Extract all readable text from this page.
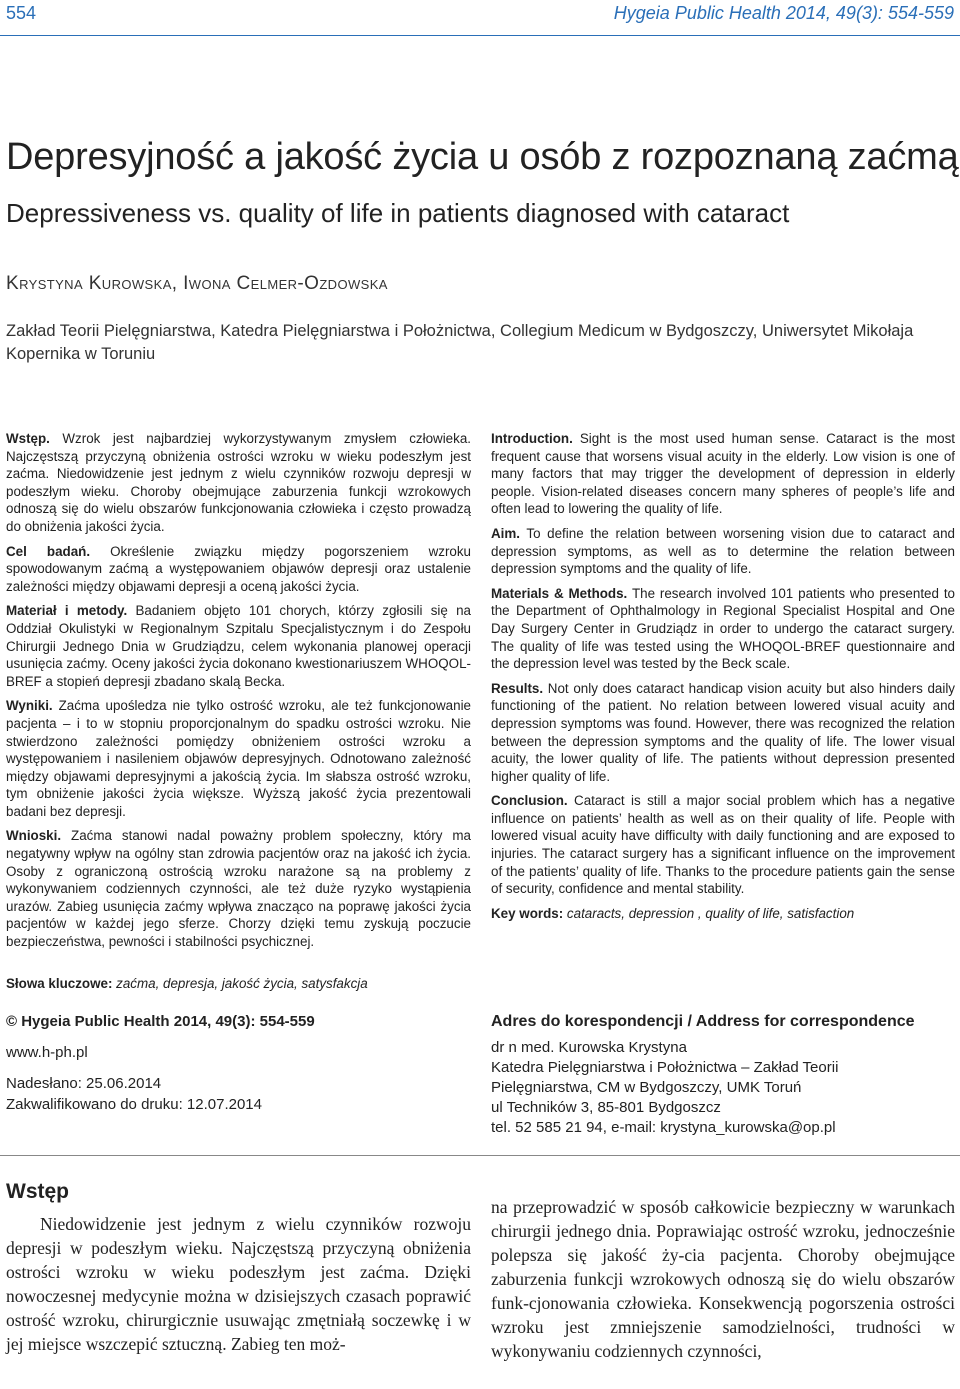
554	Hygeia Public Health 2014, 49(3): 554-559
Depresyjność a jakość życia u osób z rozpoznaną zaćmą
Depressiveness vs. quality of life in patients diagnosed with cataract
Krystyna Kurowska, Iwona Celmer-Ozdowska
Zakład Teorii Pielęgniarstwa, Katedra Pielęgniarstwa i Położnictwa, Collegium Medicum w Bydgoszczy, Uniwersytet Mikołaja Kopernika w Toruniu

Wstęp. Wzrok jest najbardziej wykorzystywanym zmysłem człowieka. Najczęstszą przyczyną obniżenia ostrości wzroku w wieku podeszłym jest zaćma. Niedowidzenie jest jednym z wielu czynników rozwoju depresji w podeszłym wieku. Choroby obejmujące zaburzenia funkcji wzrokowych odnoszą się do wielu obszarów funkcjonowania człowieka i często prowadzą do obniżenia jakości życia.

Cel badań. Określenie związku między pogorszeniem wzroku spowodowanym zaćmą a występowaniem objawów depresji oraz ustalenie zależności między objawami depresji a oceną jakości życia.

Materiał i metody. Badaniem objęto 101 chorych, którzy zgłosili się na Oddział Okulistyki w Regionalnym Szpitalu Specjalistycznym i do Zespołu Chirurgii Jednego Dnia w Grudziądzu, celem wykonania planowej operacji usunięcia zaćmy. Oceny jakości życia dokonano kwestionariuszem WHOQOL-BREF a stopień depresji zbadano skalą Becka.

Wyniki. Zaćma upośledza nie tylko ostrość wzroku, ale też funkcjonowanie pacjenta – i to w stopniu proporcjonalnym do spadku ostrości wzroku. Nie stwierdzono zależności pomiędzy obniżeniem ostrości wzroku a występowaniem i nasileniem objawów depresyjnych. Odnotowano zależność między objawami depresyjnymi a jakością życia. Im słabsza ostrość wzroku, tym obniżenie jakości życia większe. Wyższą jakość życia prezentowali badani bez depresji.

Wnioski. Zaćma stanowi nadal poważny problem społeczny, który ma negatywny wpływ na ogólny stan zdrowia pacjentów oraz na jakość ich życia. Osoby z ograniczoną ostrością wzroku narażone są na problemy z wykonywaniem codziennych czynności, ale też duże ryzyko wystąpienia urazów. Zabieg usunięcia zaćmy wpływa znacząco na poprawę jakości życia pacjentów w każdej jego sferze. Chorzy dzięki temu zyskują poczucie bezpieczeństwa, pewności i stabilności psychicznej.

Słowa kluczowe: zaćma, depresja, jakość życia, satysfakcja

Introduction. Sight is the most used human sense. Cataract is the most frequent cause that worsens visual acuity in the elderly. Low vision is one of many factors that may trigger the development of depression in elderly people. Vision-related diseases concern many spheres of people’s life and often lead to lowering the quality of life.

Aim. To define the relation between worsening vision due to cataract and depression symptoms, as well as to determine the relation between depression symptoms and the quality of life.

Materials & Methods. The research involved 101 patients who presented to the Department of Ophthalmology in Regional Specialist Hospital and One Day Surgery Center in Grudziądz in order to undergo the cataract surgery. The quality of life was tested using the WHOQOL-BREF questionnaire and the depression level was tested by the Beck scale.

Results. Not only does cataract handicap vision acuity but also hinders daily functioning of the patient. No relation between lowered visual acuity and depression symptoms was found. However, there was recognized the relation between the depression symptoms and the quality of life. The lower visual acuity, the lower quality of life. The patients without depression presented higher quality of life.

Conclusion. Cataract is still a major social problem which has a negative influence on patients’ health as well as on their quality of life. People with lowered visual acuity have difficulty with daily functioning and are exposed to injuries. The cataract surgery has a significant influence on the improvement of the patients’ quality of life. Thanks to the procedure patients gain the sense of security, confidence and mental stability.

Key words: cataracts, depression , quality of life, satisfaction

© Hygeia Public Health 2014, 49(3): 554-559
www.h-ph.pl
Nadesłano: 25.06.2014
Zakwalifikowano do druku: 12.07.2014
Adres do korespondencji / Address for correspondence
dr n med. Kurowska Krystyna
Katedra Pielęgniarstwa i Położnictwa – Zakład Teorii
Pielęgniarstwa, CM w Bydgoszczy, UMK Toruń
ul Techników 3, 85-801 Bydgoszcz
tel. 52 585 21 94, e-mail: krystyna_kurowska@op.pl
Wstęp

Niedowidzenie jest jednym z wielu czynników rozwoju depresji w podeszłym wieku. Najczęstszą przyczyną obniżenia ostrości wzroku w wieku podeszłym jest zaćma. Dzięki nowoczesnej medycynie można w dzisiejszych czasach poprawić ostrość wzroku, chirurgicznie usuwając zmętniałą soczewkę i w jej miejsce wszczepić sztuczną. Zabieg ten moż-

na przeprowadzić w sposób całkowicie bezpieczny w warunkach chirurgii jednego dnia. Poprawiając ostrość wzroku, jednocześnie polepsza się jakość ży-cia pacjenta. Choroby obejmujące zaburzenia funkcji wzrokowych odnoszą się do wielu obszarów funk-cjonowania człowieka. Konsekwencją pogorszenia ostrości wzroku jest zmniejszenie samodzielności, trudności w wykonywaniu codziennych czynności,
